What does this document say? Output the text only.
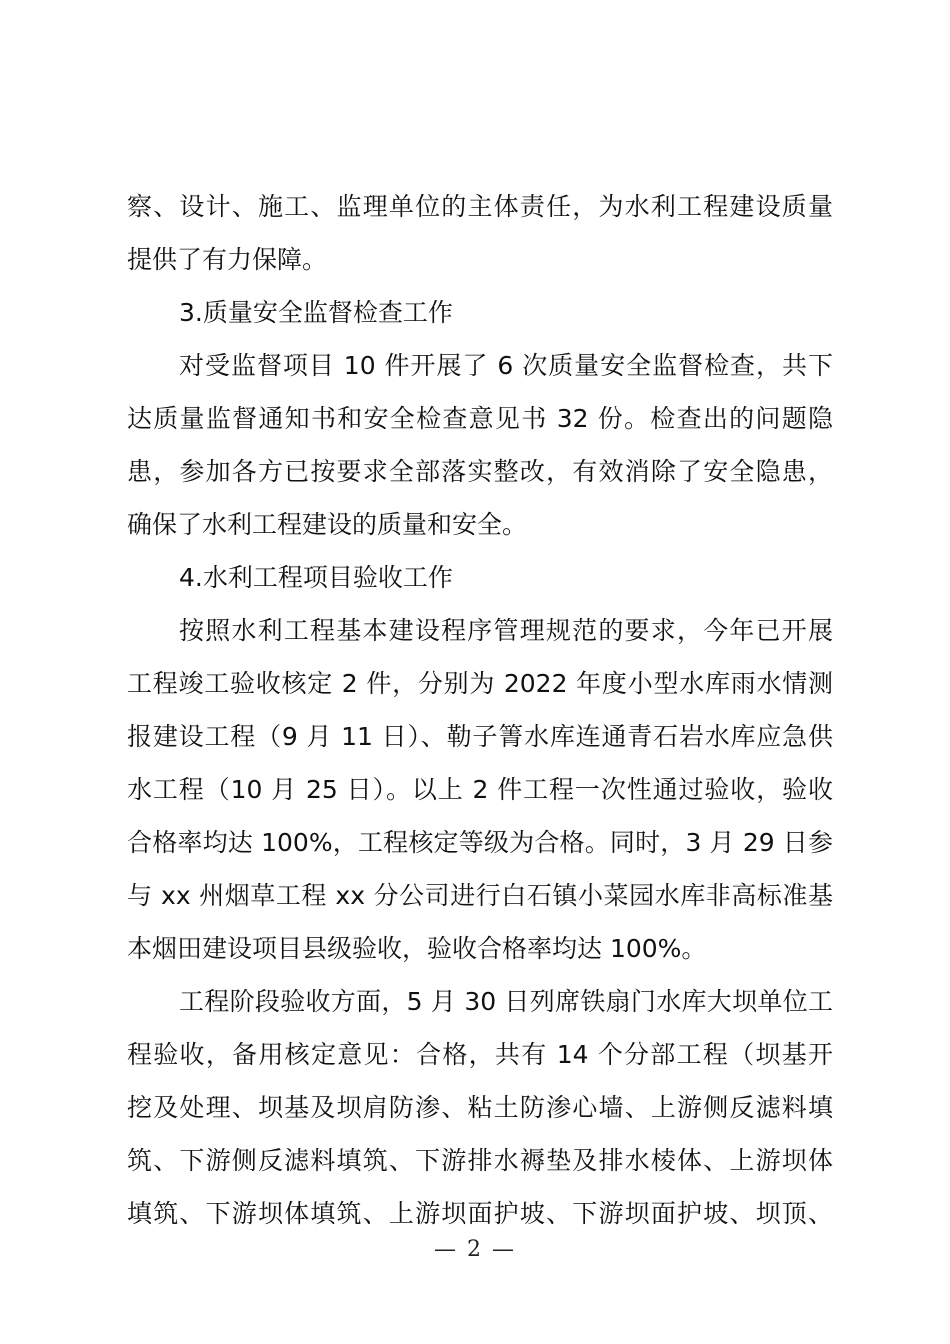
察、设计、施工、监理单位的主体责任，为水利工程建设质量
提供了有力保障。
3.质量安全监督检查工作
对受监督项目 10 件开展了 6 次质量安全监督检查，共下
达质量监督通知书和安全检查意见书 32 份。检查出的问题隐
患，参加各方已按要求全部落实整改，有效消除了安全隐患，
确保了水利工程建设的质量和安全。
4.水利工程项目验收工作
按照水利工程基本建设程序管理规范的要求，今年已开展
工程竣工验收核定 2 件，分别为 2022 年度小型水库雨水情测
报建设工程（9 月 11 日）、勒子箐水库连通青石岩水库应急供
水工程（10 月 25 日）。以上 2 件工程一次性通过验收，验收
合格率均达 100%，工程核定等级为合格。同时，3 月 29 日参
与 xx 州烟草工程 xx 分公司进行白石镇小菜园水库非高标准基
本烟田建设项目县级验收，验收合格率均达 100%。
工程阶段验收方面，5 月 30 日列席铁扇门水库大坝单位工
程验收，备用核定意见：合格，共有 14 个分部工程（坝基开
挖及处理、坝基及坝肩防渗、粘土防渗心墙、上游侧反滤料填
筑、下游侧反滤料填筑、下游排水褥垫及排水棱体、上游坝体
填筑、下游坝体填筑、上游坝面护坡、下游坝面护坡、坝顶、
— 2 —
